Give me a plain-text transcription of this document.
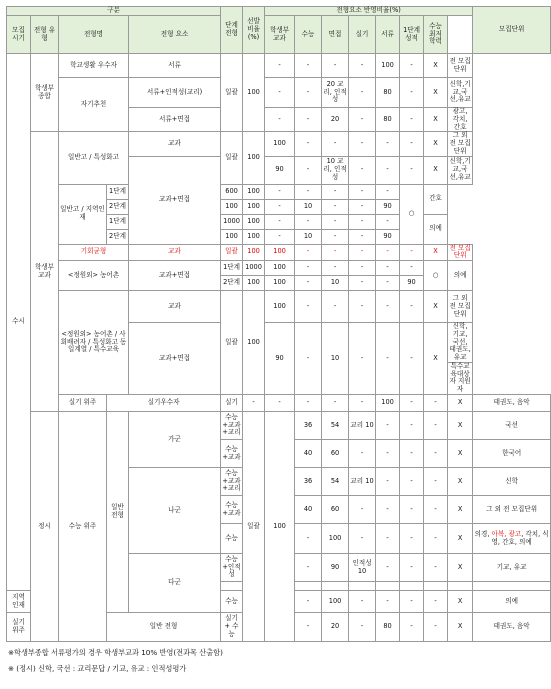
구분					단계 전형	선발 비율 (%)	전형요소 반영비율(%)								모집단위
모집 시기	전형 유형	전형명		전형 요소			학생부 교과	수능	면접	실기	서류	1단계 성적	수능 최저 학력		
수시	학생부 종합	학교생활 우수자		서류	일괄	100	-	-	-	-	100	-	X	전 모집단위	
		자기추천		서류+인적성(교리)			-	-	20 교리, 인적성	-	80	-	X	신학,기교,국선,유교	
				서류+면접			-	-	20	-	80	-	X	광고, 각치, 간호	
	학생부 교과	일반고 / 특성화고		교과	일괄	100	100	-	-	-	-	-	X	그 외 전 모집단위	
				교과+면접			90	-	10 교리, 인적성	-	-	-	X	신학,기교,국선,유교	
		일반고 / 지역인재	1단계		600	100	-	-	-	-	-	○	간호		
			2단계		100	100	-	10	-	-	90				
			1단계		1000	100	-	-	-	-	-		의예		
			2단계		100	100	-	10	-	-	90				
		기회균형		교과	일괄	100	100	-	-	-	-	-	X	전 모집단위	
		<정원외> 농어촌		교과+면접	1단계	1000	100	-	-	-	-	-	○	의예	
					2단계	100	100	-	10	-	-	90			
		<정원외> 농어촌 / 사회배려자 / 특성화고 동일계열 / 특수교육		교과	일괄	100	100	-	-	-	-	-	X	그 외 전 모집단위	
				교과+면접			90	-	10	-	-	-	X	신학, 기교, 국선, 태권도, 유교	
														특수교육대상자 지원자	
		실기 위주	실기우수자		실기	-	-	-	-	-	100	-	-	X	태권도, 음악
	정시	수능 위주	일반 전형	가군	수능+교과+교리	일괄	100	36	54	교리 10	-	-	-	X	국선
					수능+교과			40	60	-	-	-	-	X	한국어
				나군	수능+교과+교리			36	54	교리 10	-	-	-	X	신학
					수능+교과			40	60	-	-	-	-	X	그 외 전 모집단위
					수능			-	100	-	-	-	-	X	의경, 아복, 광고, 각치, 식영, 간호, 의예
				다군	수능+인적성			-	90	인적성 10	-	-	-	X	기교, 유교

지역 인재					수능			-	100	-	-	-	-	X	의예
실기 위주			일반 전형		실기 + 수능			-	20	-	80	-	-	X	태권도, 음악
※학생부종합 서류평가의 경우 학생부교과 10% 반영(전과목 산출함)
※ (정시) 신학, 국선 : 교리문답 / 기교, 유교 : 인적성평가
